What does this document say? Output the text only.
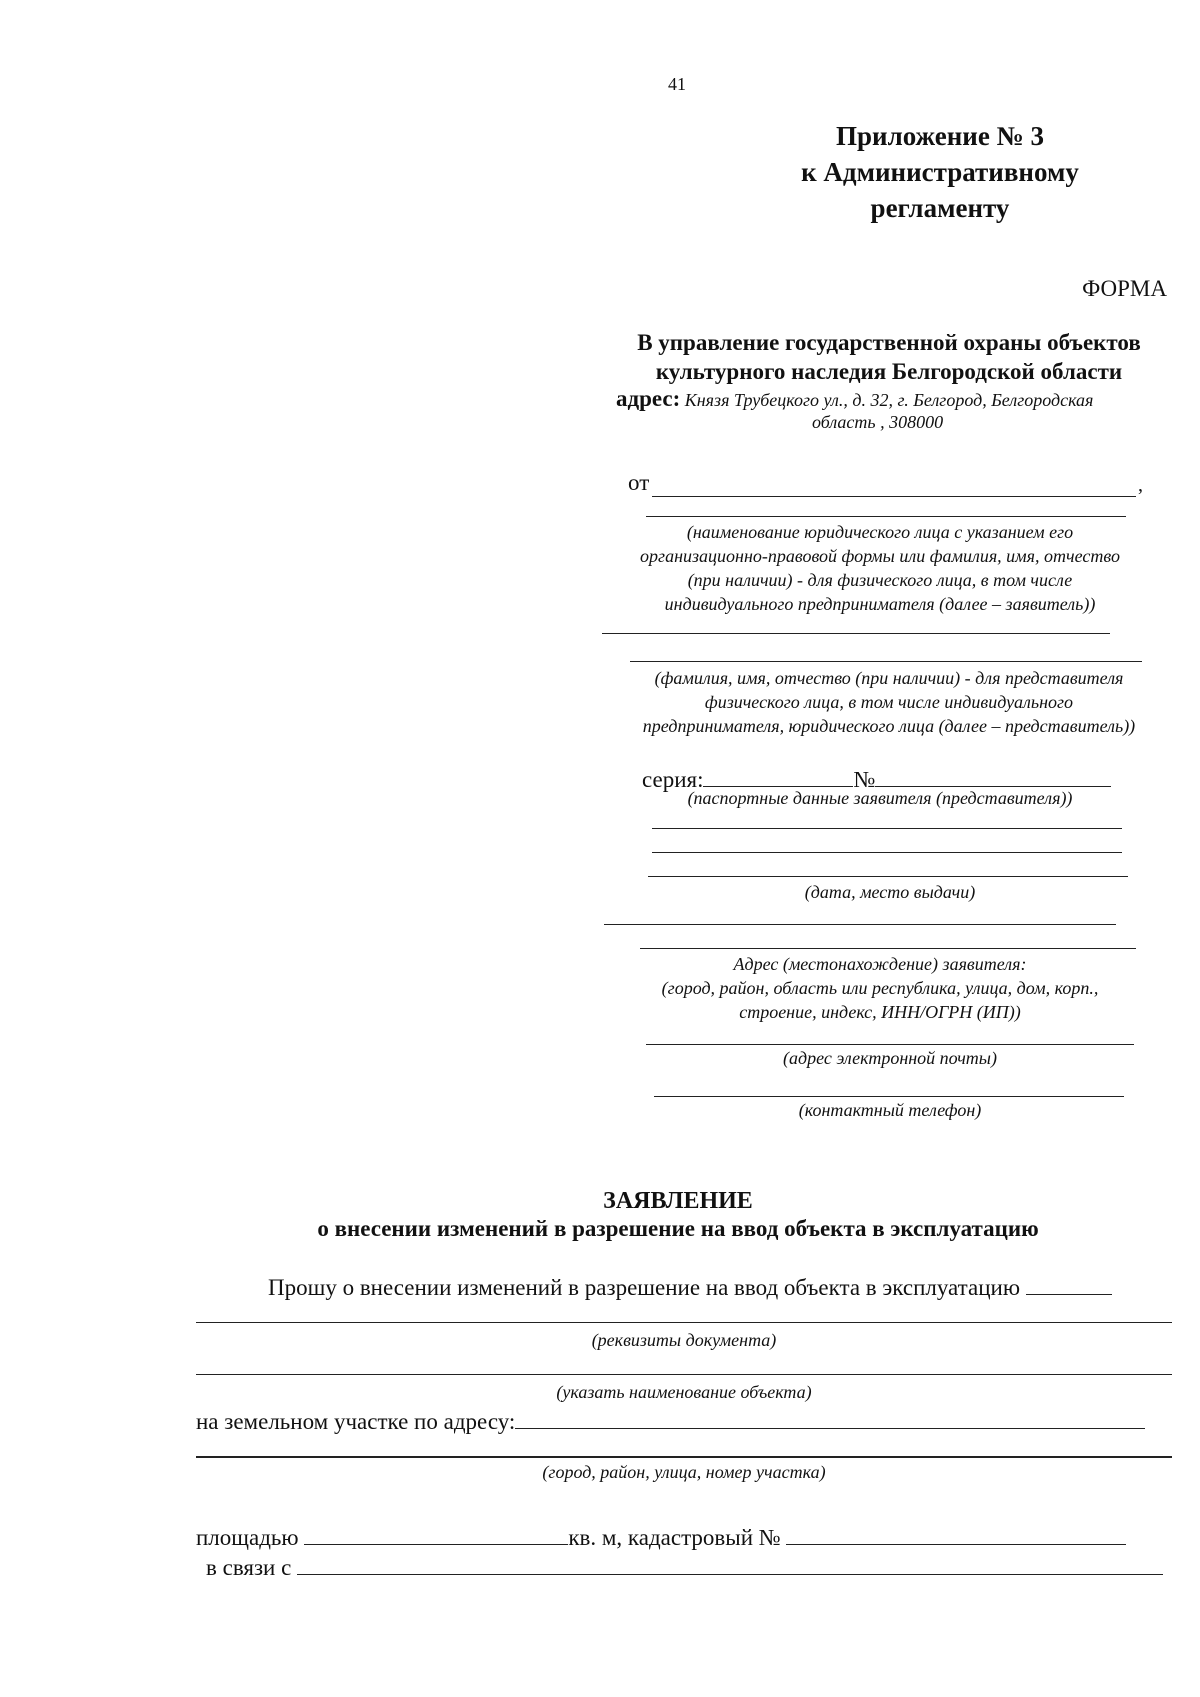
41
Приложение № 3
к Административному
регламенту
ФОРМА
В управление государственной охраны объектов
культурного наследия Белгородской области
адрес: Князя Трубецкого ул., д. 32, г. Белгород, Белгородская
область , 308000
от	,
(наименование юридического лица с указанием его
организационно-правовой формы или фамилия, имя, отчество
(при наличии) - для физического лица, в том числе
индивидуального предпринимателя (далее – заявитель))
(фамилия, имя, отчество (при наличии) - для представителя
физического лица, в том числе индивидуального
предпринимателя, юридического лица (далее – представитель))
серия:	№
(паспортные данные заявителя (представителя))
(дата, место выдачи)
Адрес (местонахождение) заявителя:
(город, район, область или республика, улица, дом, корп.,
строение, индекс, ИНН/ОГРН (ИП))
(адрес электронной почты)
(контактный телефон)
ЗАЯВЛЕНИЕ
о внесении изменений в разрешение на ввод объекта в эксплуатацию
Прошу о внесении изменений в разрешение на ввод объекта в эксплуатацию
(реквизиты документа)
(указать наименование объекта)
на земельном участке по адресу:
(город, район, улица, номер участка)
площадью	кв. м, кадастровый №
в связи с
